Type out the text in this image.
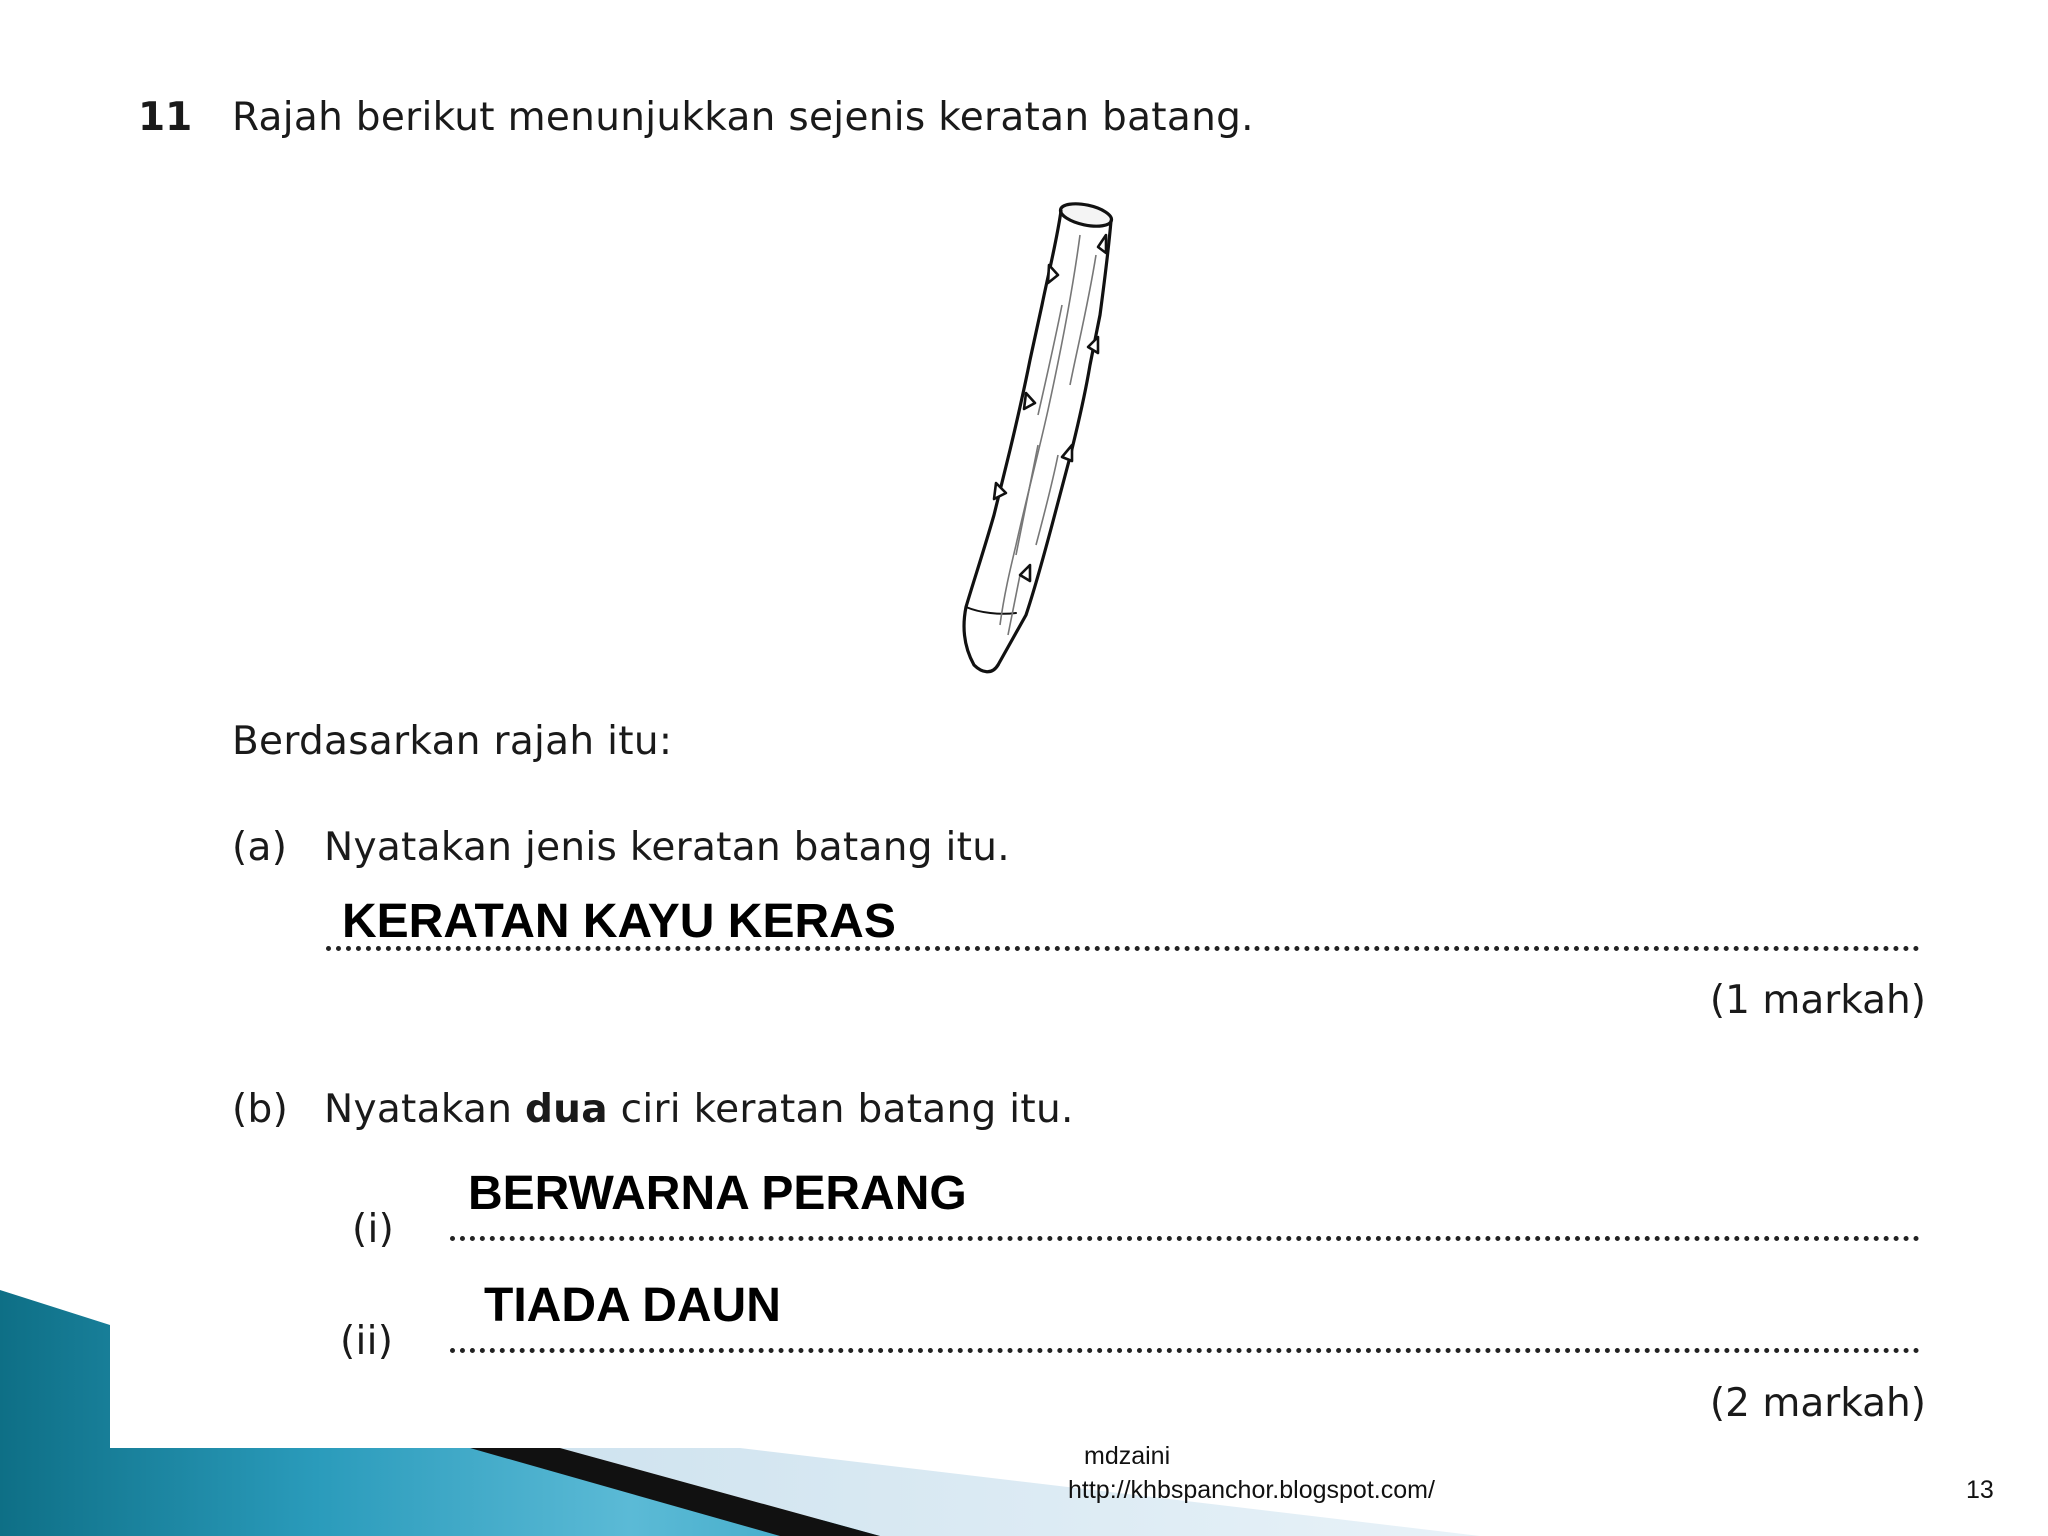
11 Rajah berikut menunjukkan sejenis keratan batang.
Berdasarkan rajah itu:
(a) Nyatakan jenis keratan batang itu.
KERATAN KAYU KERAS
(1 markah)
(b) Nyatakan dua ciri keratan batang itu.
(i)
BERWARNA PERANG
(ii)
TIADA DAUN
(2 markah)
mdzaini
http://khbspanchor.blogspot.com/	13
